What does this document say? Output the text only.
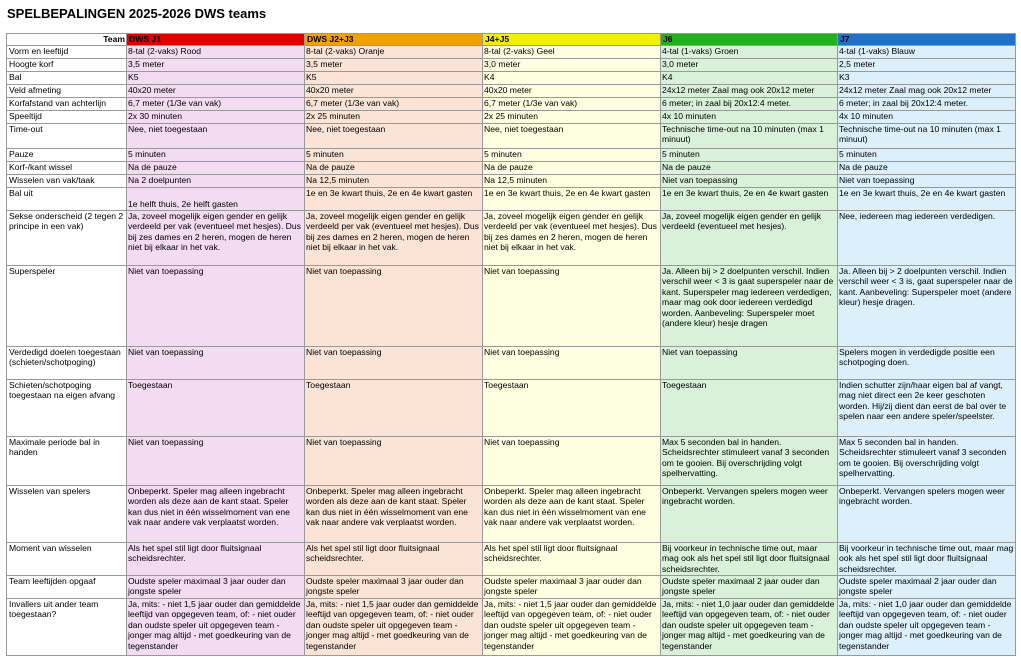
SPELBEPALINGEN 2025-2026 DWS teams
Team	DWS J1	DWS J2+J3	J4+J5	J6	J7
Vorm en leeftijd	8-tal (2-vaks) Rood	8-tal (2-vaks) Oranje	8-tal (2-vaks) Geel	4-tal (1-vaks) Groen	4-tal (1-vaks) Blauw
Hoogte korf	3,5 meter	3,5 meter	3,0 meter	3,0 meter	2,5 meter
Bal	K5	K5	K4	K4	K3
Veld afmeting	40x20 meter	40x20 meter	40x20 meter	24x12 meter Zaal mag ook 20x12 meter	24x12 meter Zaal mag ook 20x12 meter
Korfafstand van achterlijn	6,7 meter (1/3e van vak)	6,7 meter (1/3e van vak)	6,7 meter (1/3e van vak)	6 meter; in zaal bij 20x12:4 meter.	6 meter; in zaal bij 20x12:4 meter.
Speeltijd	2x 30 minuten	2x 25 minuten	2x 25 minuten	4x 10 minuten	4x 10 minuten
Time-out	Nee, niet toegestaan	Nee, niet toegestaan	Nee, niet toegestaan	Technische time-out na 10 minuten (max 1 minuut)	Technische time-out na 10 minuten (max 1 minuut)
Pauze	5 minuten	5 minuten	5 minuten	5 minuten	5 minuten
Korf-/kant wissel	Na de pauze	Na de pauze	Na de pauze	Na de pauze	Na de pauze
Wisselen van vak/taak	Na 2 doelpunten	Na 12,5 minuten	Na 12,5 minuten	Niet van toepassing	Niet van toepassing
Bal uit	1e helft thuis, 2e helft gasten	1e en 3e kwart thuis, 2e en 4e kwart gasten	1e en 3e kwart thuis, 2e en 4e kwart gasten	1e en 3e kwart thuis, 2e en 4e kwart gasten	1e en 3e kwart thuis, 2e en 4e kwart gasten
Sekse onderscheid (2 tegen 2 principe in een vak)	Ja, zoveel mogelijk eigen gender en gelijk verdeeld per vak (eventueel met hesjes). Dus bij zes dames en 2 heren, mogen de heren niet bij elkaar in het vak.	Ja, zoveel mogelijk eigen gender en gelijk verdeeld per vak (eventueel met hesjes). Dus bij zes dames en 2 heren, mogen de heren niet bij elkaar in het vak.	Ja, zoveel mogelijk eigen gender en gelijk verdeeld per vak (eventueel met hesjes). Dus bij zes dames en 2 heren, mogen de heren niet bij elkaar in het vak.	Ja, zoveel mogelijk eigen gender en gelijk verdeeld (eventueel met hesjes).	Nee, iedereen mag iedereen verdedigen.
Superspeler	Niet van toepassing	Niet van toepassing	Niet van toepassing	Ja. Alleen bij > 2 doelpunten verschil. Indien verschil weer < 3 is gaat superspeler naar de kant. Superspeler mag iedereen verdedigen, maar mag ook door iedereen verdedigd worden. Aanbeveling: Superspeler moet (andere kleur) hesje dragen	Ja. Alleen bij > 2 doelpunten verschil. Indien verschil weer < 3 is, gaat superspeler naar de kant. Aanbeveling: Superspeler moet (andere kleur) hesje dragen.
Verdedigd doelen toegestaan (schieten/schotpoging)	Niet van toepassing	Niet van toepassing	Niet van toepassing	Niet van toepassing	Spelers mogen in verdedigde positie een schotpoging doen.
Schieten/schotpoging toegestaan na eigen afvang	Toegestaan	Toegestaan	Toegestaan	Toegestaan	Indien schutter zijn/haar eigen bal af vangt, mag niet direct een 2e keer geschoten worden. Hij/zij dient dan eerst de bal over te spelen naar een andere speler/speelster.
Maximale periode bal in handen	Niet van toepassing	Niet van toepassing	Niet van toepassing	Max 5 seconden bal in handen. Scheidsrechter stimuleert vanaf 3 seconden om te gooien. Bij overschrijding volgt spelhervatting.	Max 5 seconden bal in handen. Scheidsrechter stimuleert vanaf 3 seconden om te gooien. Bij overschrijding volgt spelhervatting.
Wisselen van spelers	Onbeperkt. Speler mag alleen ingebracht worden als deze aan de kant staat. Speler kan dus niet in één wisselmoment van ene vak naar andere vak verplaatst worden.	Onbeperkt. Speler mag alleen ingebracht worden als deze aan de kant staat. Speler kan dus niet in één wisselmoment van ene vak naar andere vak verplaatst worden.	Onbeperkt. Speler mag alleen ingebracht worden als deze aan de kant staat. Speler kan dus niet in één wisselmoment van ene vak naar andere vak verplaatst worden.	Onbeperkt. Vervangen spelers mogen weer ingebracht worden.	Onbeperkt. Vervangen spelers mogen weer ingebracht worden.
Moment van wisselen	Als het spel stil ligt door fluitsignaal scheidsrechter.	Als het spel stil ligt door fluitsignaal scheidsrechter.	Als het spel stil ligt door fluitsignaal scheidsrechter.	Bij voorkeur in technische time out, maar mag ook als het spel stil ligt door fluitsignaal scheidsrechter.	Bij voorkeur in technische time out, maar mag ook als het spel stil ligt door fluitsignaal scheidsrechter.
Team leeftijden opgaaf	Oudste speler maximaal 3 jaar ouder dan jongste speler	Oudste speler maximaal 3 jaar ouder dan jongste speler	Oudste speler maximaal 3 jaar ouder dan jongste speler	Oudste speler maximaal 2 jaar ouder dan jongste speler	Oudste speler maximaal 2 jaar ouder dan jongste speler
Invallers uit ander team toegestaan?	Ja, mits: - niet 1,5 jaar ouder dan gemiddelde leeftijd van opgegeven team, of: - niet ouder dan oudste speler uit opgegeven team -jonger mag altijd - met goedkeuring van de tegenstander	Ja, mits: - niet 1,5 jaar ouder dan gemiddelde leeftijd van opgegeven team, of: - niet ouder dan oudste speler uit opgegeven team -jonger mag altijd - met goedkeuring van de tegenstander	Ja, mits: - niet 1,5 jaar ouder dan gemiddelde leeftijd van opgegeven team, of: - niet ouder dan oudste speler uit opgegeven team -jonger mag altijd - met goedkeuring van de tegenstander	Ja, mits: - niet 1,0 jaar ouder dan gemiddelde leeftijd van opgegeven team, of: - niet ouder dan oudste speler uit opgegeven team -jonger mag altijd - met goedkeuring van de tegenstander	Ja, mits: - niet 1,0 jaar ouder dan gemiddelde leeftijd van opgegeven team, of: - niet ouder dan oudste speler uit opgegeven team -jonger mag altijd - met goedkeuring van de tegenstander
